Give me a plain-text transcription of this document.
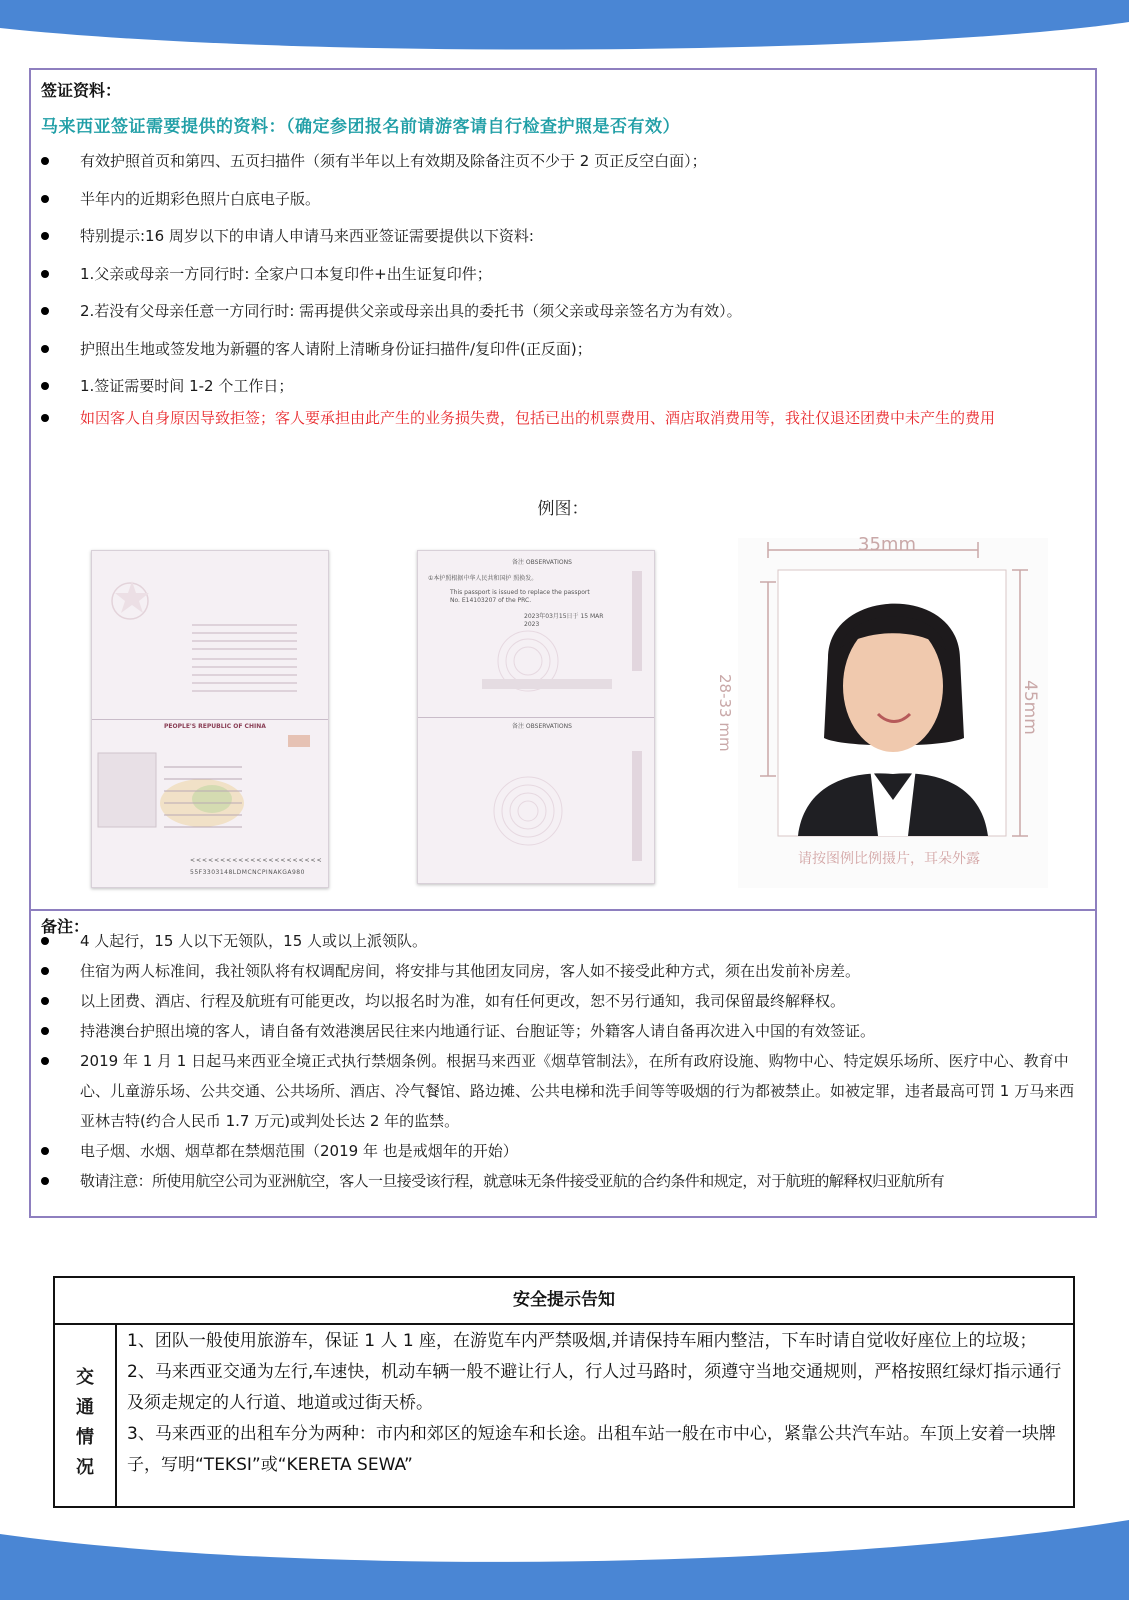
签证资料：
马来西亚签证需要提供的资料：（确定参团报名前请游客请自行检查护照是否有效）
有效护照首页和第四、五页扫描件（须有半年以上有效期及除备注页不少于 2 页正反空白面）；
半年内的近期彩色照片白底电子版。
特别提示:16 周岁以下的申请人申请马来西亚签证需要提供以下资料:
1.父亲或母亲一方同行时: 全家户口本复印件+出生证复印件；
2.若没有父母亲任意一方同行时: 需再提供父亲或母亲出具的委托书（须父亲或母亲签名方为有效）。
护照出生地或签发地为新疆的客人请附上清晰身份证扫描件/复印件(正反面)；
1.签证需要时间 1-2 个工作日；
如因客人自身原因导致拒签；客人要承担由此产生的业务损失费，包括已出的机票费用、酒店取消费用等，我社仅退还团费中未产生的费用
例图：
PEOPLE'S REPUBLIC OF CHINA
<<<<<<<<<<<<<<<<<<<<<<
55F3303148LDMCNCPINAKGA980
备注 OBSERVATIONS
①本护照根据中华人民共和国护 照换发。
This passport is issued to replace the passport No. E14103207 of the PRC.
2023年03月15日于 15 MAR 2023
备注 OBSERVATIONS
35mm
28-33 mm	45mm
请按图例比例摄片，耳朵外露
备注：
4 人起行，15 人以下无领队，15 人或以上派领队。
住宿为两人标准间，我社领队将有权调配房间，将安排与其他团友同房，客人如不接受此种方式，须在出发前补房差。
以上团费、酒店、行程及航班有可能更改，均以报名时为准，如有任何更改，恕不另行通知，我司保留最终解释权。
持港澳台护照出境的客人，请自备有效港澳居民往来内地通行证、台胞证等；外籍客人请自备再次进入中国的有效签证。
2019 年 1 月 1 日起马来西亚全境正式执行禁烟条例。根据马来西亚《烟草管制法》，在所有政府设施、购物中心、特定娱乐场所、医疗中心、教育中心、儿童游乐场、公共交通、公共场所、酒店、冷气餐馆、路边摊、公共电梯和洗手间等等吸烟的行为都被禁止。如被定罪，违者最高可罚 1 万马来西亚林吉特(约合人民币 1.7 万元)或判处长达 2 年的监禁。
电子烟、水烟、烟草都在禁烟范围（2019 年 也是戒烟年的开始）
敬请注意：所使用航空公司为亚洲航空，客人一旦接受该行程，就意味无条件接受亚航的合约条件和规定，对于航班的解释权归亚航所有
安全提示告知
交
通
情
况
1、团队一般使用旅游车，保证 1 人 1 座，在游览车内严禁吸烟,并请保持车厢内整洁，下车时请自觉收好座位上的垃圾；
2、马来西亚交通为左行,车速快，机动车辆一般不避让行人，行人过马路时，须遵守当地交通规则，严格按照红绿灯指示通行及须走规定的人行道、地道或过街天桥。
3、马来西亚的出租车分为两种：市内和郊区的短途车和长途。出租车站一般在市中心，紧靠公共汽车站。车顶上安着一块牌子，写明“TEKSI”或“KERETA SEWA”
